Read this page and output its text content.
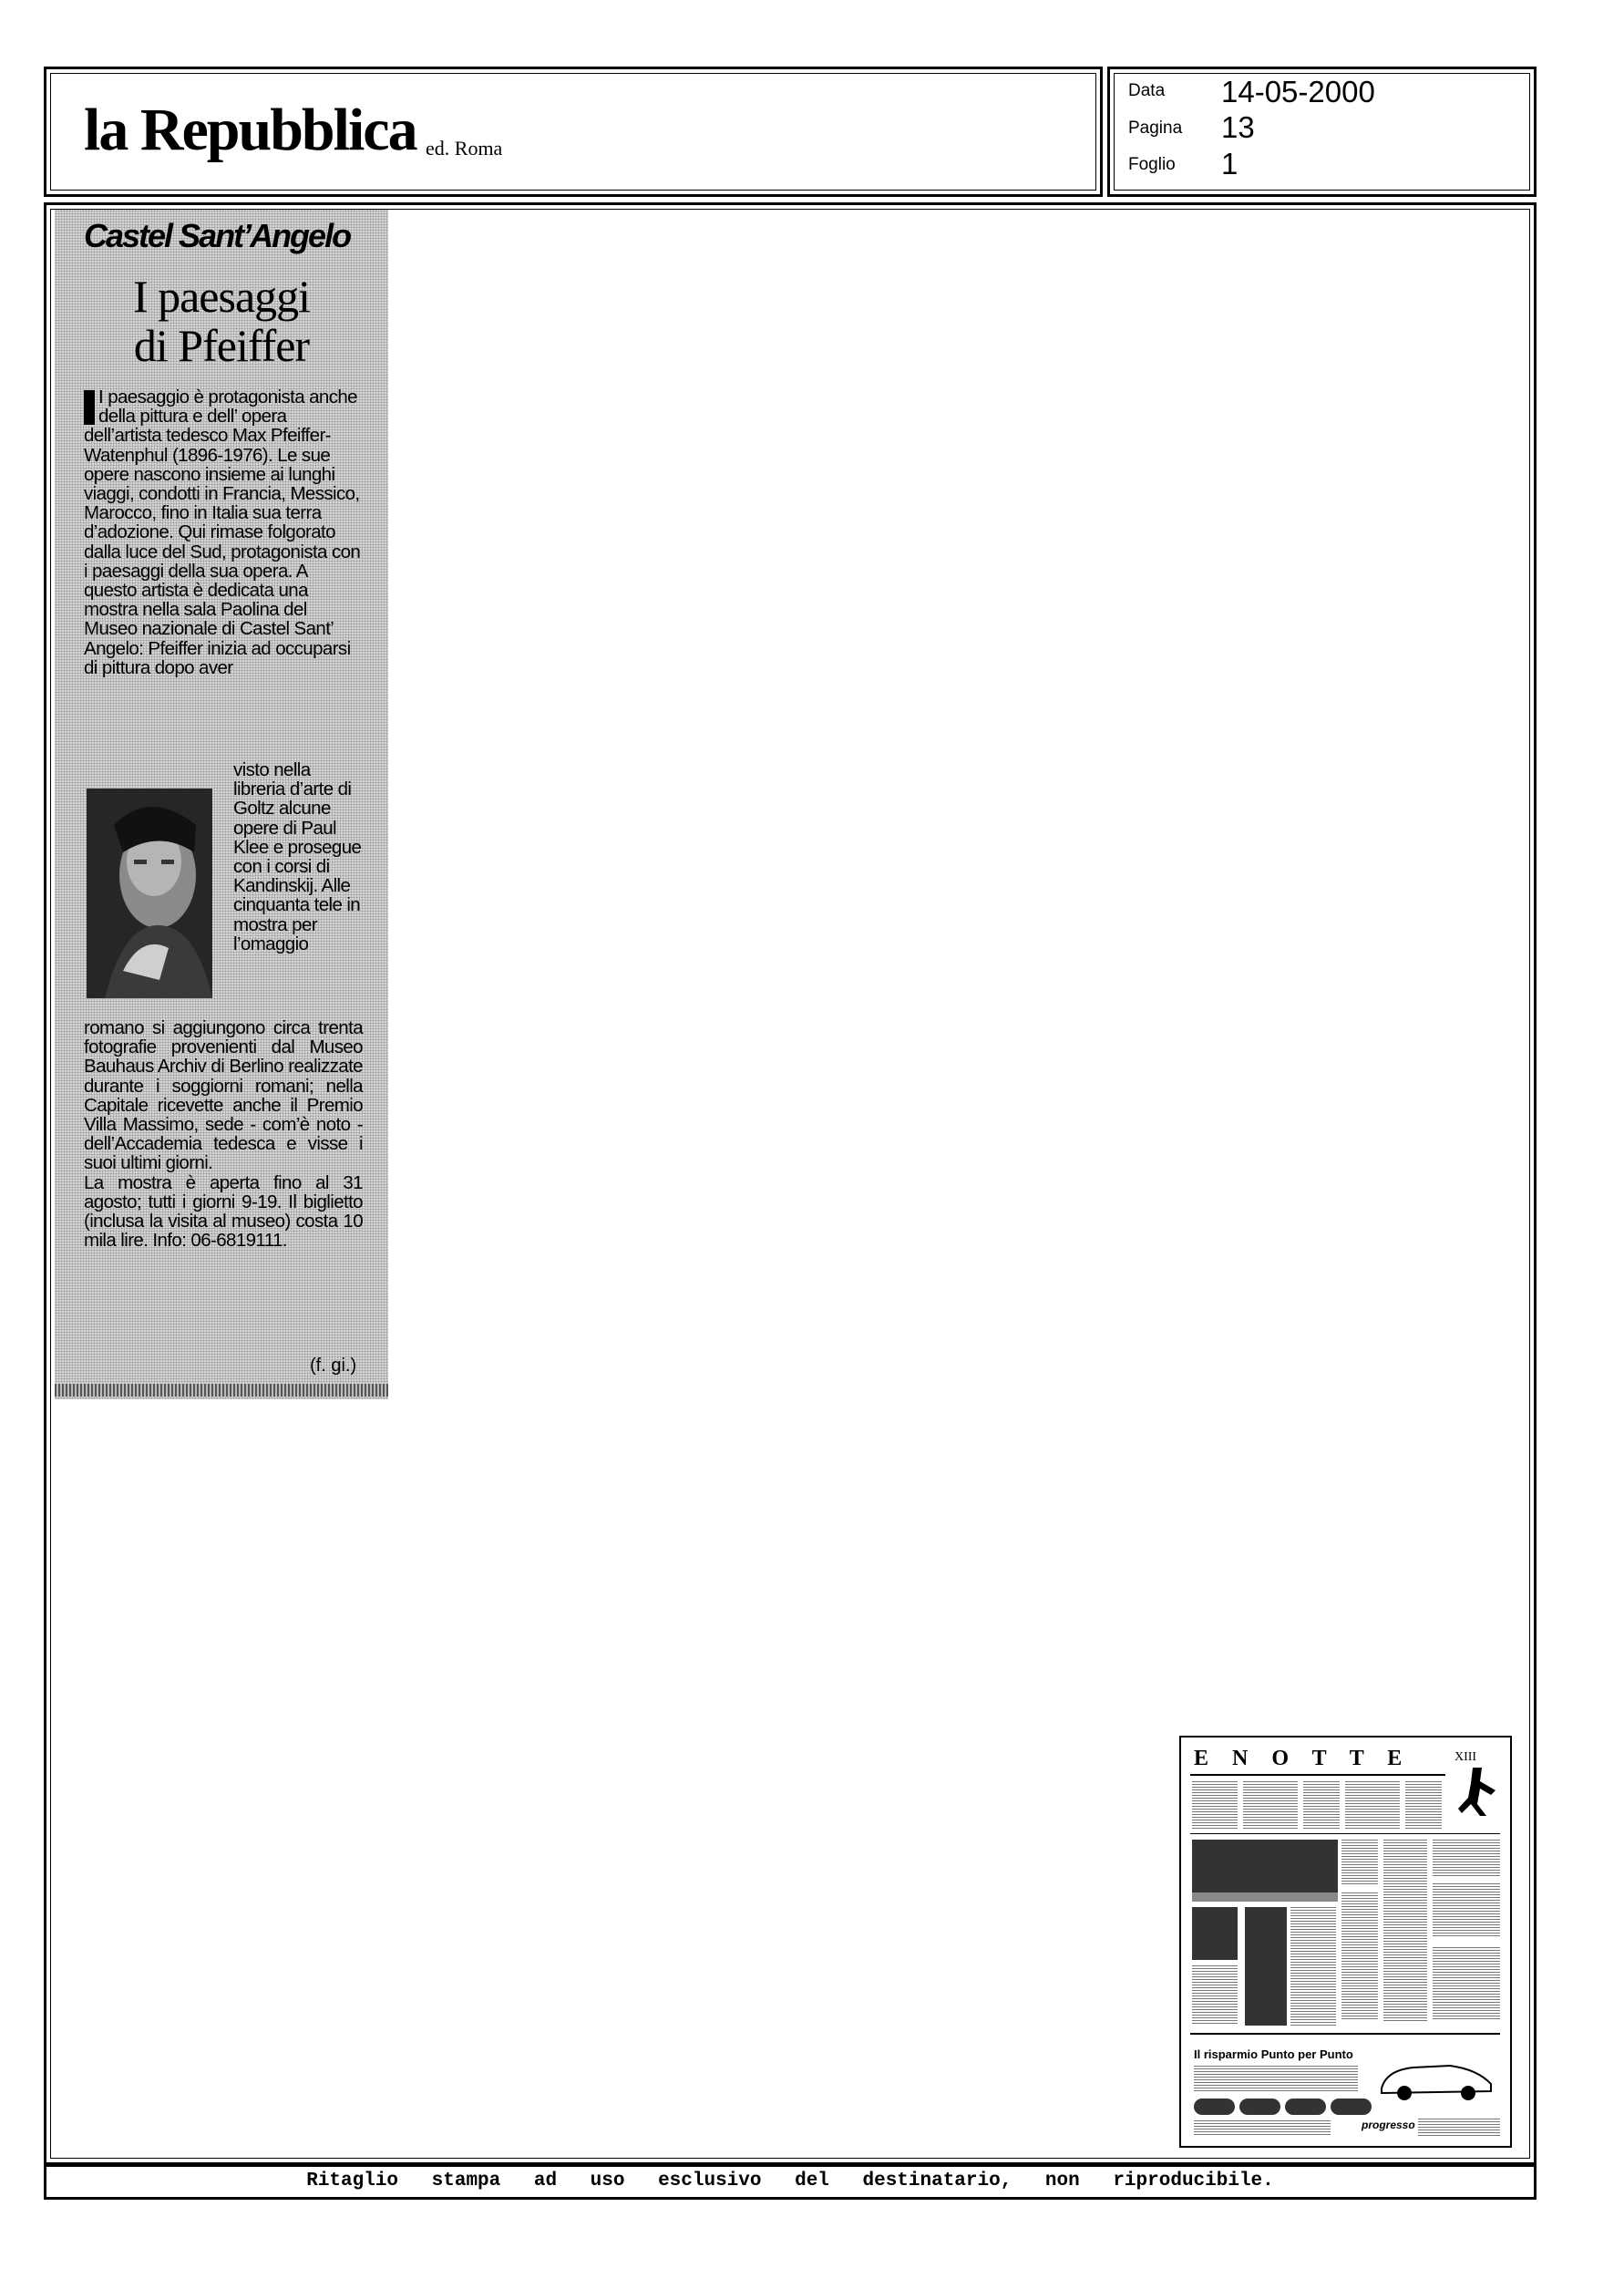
la Repubblica ed. Roma
Data 14-05-2000
Pagina 13
Foglio 1
Castel Sant’Angelo
I paesaggi
di Pfeiffer
I paesaggio è protagonista anche della pittura e dell’ opera dell’artista tedesco Max Pfeiffer-Watenphul (1896-1976). Le sue opere nascono insieme ai lunghi viaggi, condotti in Francia, Messico, Marocco, fino in Italia sua terra d’adozione. Qui rimase folgorato dalla luce del Sud, protagonista con i paesaggi della sua opera. A questo artista è dedicata una mostra nella sala Paolina del Museo nazionale di Castel Sant’ Angelo: Pfeiffer inizia ad occuparsi di pittura dopo aver
visto nella libreria d’arte di Goltz alcune opere di Paul Klee e prosegue con i corsi di Kandinskij. Alle cinquanta tele in mostra per l’omaggio
romano si aggiungono circa trenta fotografie provenienti dal Museo Bauhaus Archiv di Berlino realizzate durante i soggiorni romani; nella Capitale ricevette anche il Premio Villa Massimo, sede - com’è noto - dell’Accademia tedesca e visse i suoi ultimi giorni.
La mostra è aperta fino al 31 agosto; tutti i giorni 9-19. Il biglietto (inclusa la visita al museo) costa 10 mila lire. Info: 06-6819111.
(f. gi.)
E N O T T E	XIII
Il risparmio Punto per Punto
progresso
Ritaglio stampa ad uso esclusivo del destinatario, non riproducibile.
